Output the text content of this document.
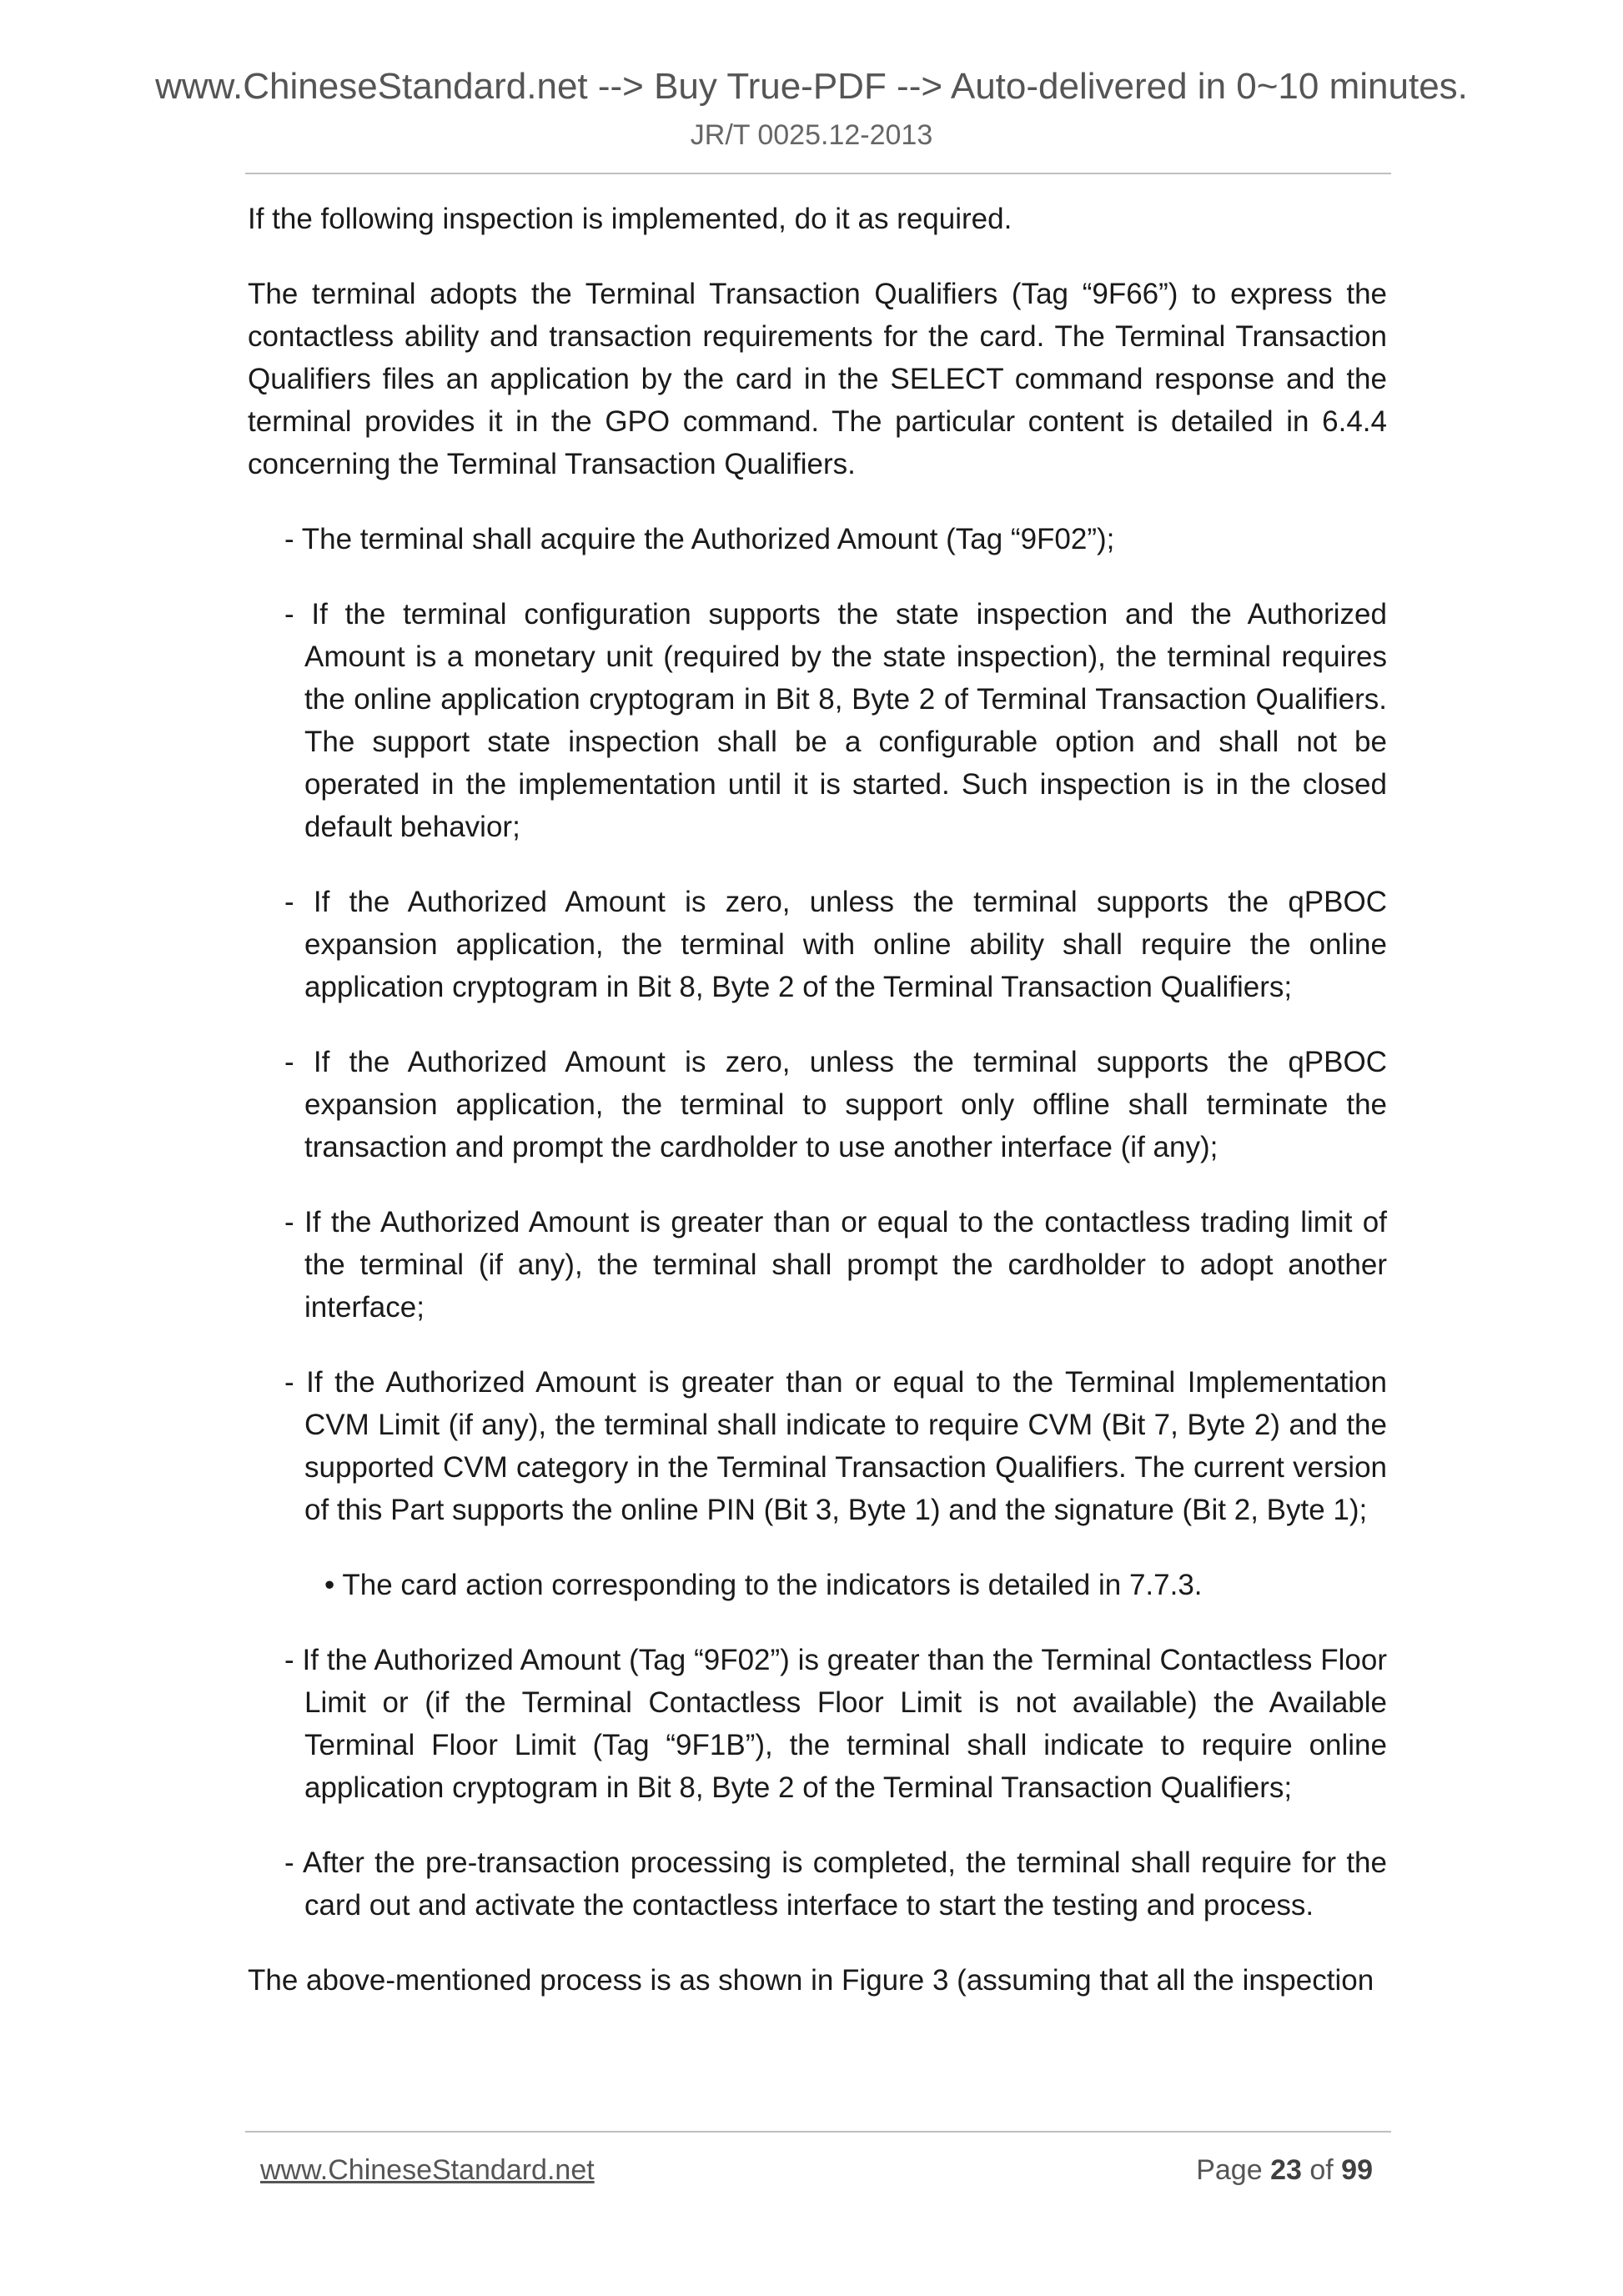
www.ChineseStandard.net --> Buy True-PDF --> Auto-delivered in 0~10 minutes.
JR/T 0025.12-2013

If the following inspection is implemented, do it as required.

The terminal adopts the Terminal Transaction Qualifiers (Tag “9F66”) to express the contactless ability and transaction requirements for the card. The Terminal Transaction Qualifiers files an application by the card in the SELECT command response and the terminal provides it in the GPO command. The particular content is detailed in 6.4.4 concerning the Terminal Transaction Qualifiers.

- The terminal shall acquire the Authorized Amount (Tag “9F02”);

- If the terminal configuration supports the state inspection and the Authorized Amount is a monetary unit (required by the state inspection), the terminal requires the online application cryptogram in Bit 8, Byte 2 of Terminal Transaction Qualifiers. The support state inspection shall be a configurable option and shall not be operated in the implementation until it is started. Such inspection is in the closed default behavior;

- If the Authorized Amount is zero, unless the terminal supports the qPBOC expansion application, the terminal with online ability shall require the online application cryptogram in Bit 8, Byte 2 of the Terminal Transaction Qualifiers;

- If the Authorized Amount is zero, unless the terminal supports the qPBOC expansion application, the terminal to support only offline shall terminate the transaction and prompt the cardholder to use another interface (if any);

- If the Authorized Amount is greater than or equal to the contactless trading limit of the terminal (if any), the terminal shall prompt the cardholder to adopt another interface;

- If the Authorized Amount is greater than or equal to the Terminal Implementation CVM Limit (if any), the terminal shall indicate to require CVM (Bit 7, Byte 2) and the supported CVM category in the Terminal Transaction Qualifiers. The current version of this Part supports the online PIN (Bit 3, Byte 1) and the signature (Bit 2, Byte 1);

• The card action corresponding to the indicators is detailed in 7.7.3.

- If the Authorized Amount (Tag “9F02”) is greater than the Terminal Contactless Floor Limit or (if the Terminal Contactless Floor Limit is not available) the Available Terminal Floor Limit (Tag “9F1B”), the terminal shall indicate to require online application cryptogram in Bit 8, Byte 2 of the Terminal Transaction Qualifiers;

- After the pre-transaction processing is completed, the terminal shall require for the card out and activate the contactless interface to start the testing and process.

The above-mentioned process is as shown in Figure 3 (assuming that all the inspection

www.ChineseStandard.net	Page 23 of 99
